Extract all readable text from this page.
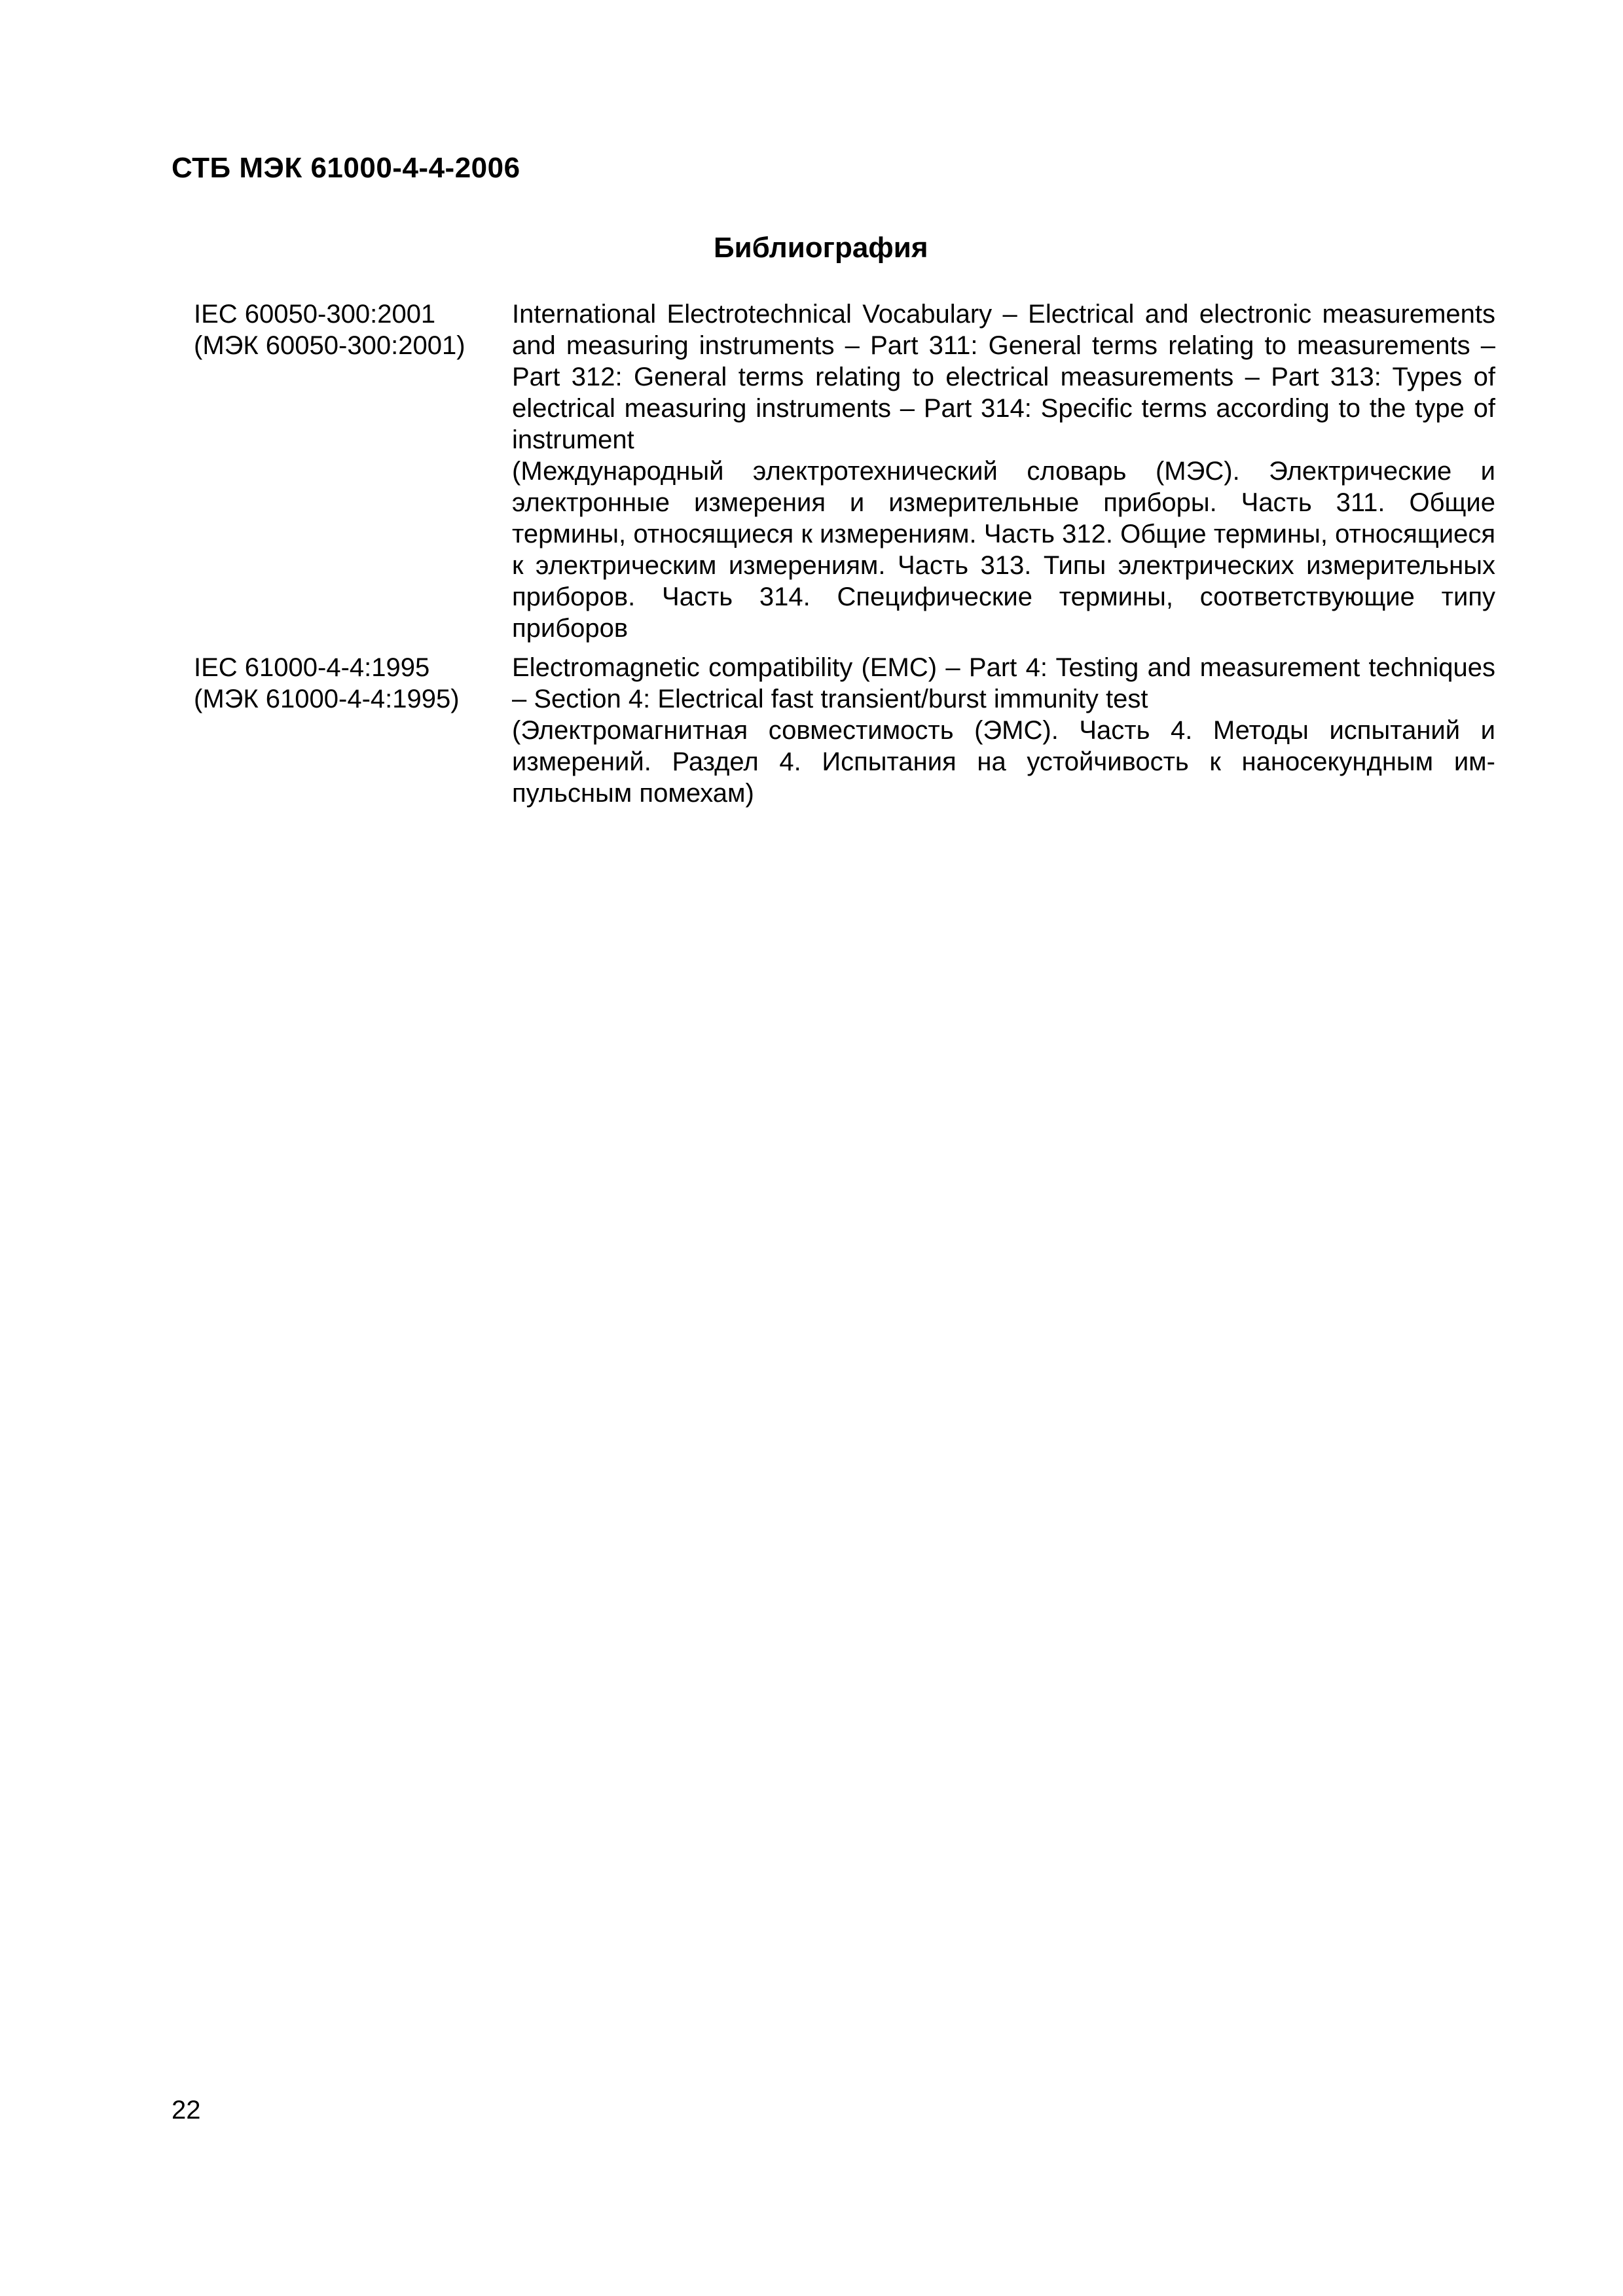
СТБ МЭК 61000-4-4-2006
Библиография
IEC 60050-300:2001
(МЭК 60050-300:2001)

International Electrotechnical Vocabulary – Electrical and electronic measurements and measuring instruments – Part 311: General terms relating to measurements – Part 312: General terms relating to electrical measurements – Part 313: Types of electrical measuring instruments – Part 314: Specific terms according to the type of instrument

(Международный электротехнический словарь (МЭС). Электрические и электронные измерения и измерительные приборы. Часть 311. Общие термины, относящиеся к измерениям. Часть 312. Общие термины, относящиеся к электрическим измерениям. Часть 313. Типы электрических измерительных приборов. Часть 314. Специфические термины, соответствующие типу приборов

IEC 61000-4-4:1995
(МЭК 61000-4-4:1995)

Electromagnetic compatibility (EMC) – Part 4: Testing and measurement techniques – Section 4: Electrical fast transient/burst immunity test

(Электромагнитная совместимость (ЭМС). Часть 4. Методы испытаний и измерений. Раздел 4. Испытания на устойчивость к наносекундным импульсным помехам)

22
